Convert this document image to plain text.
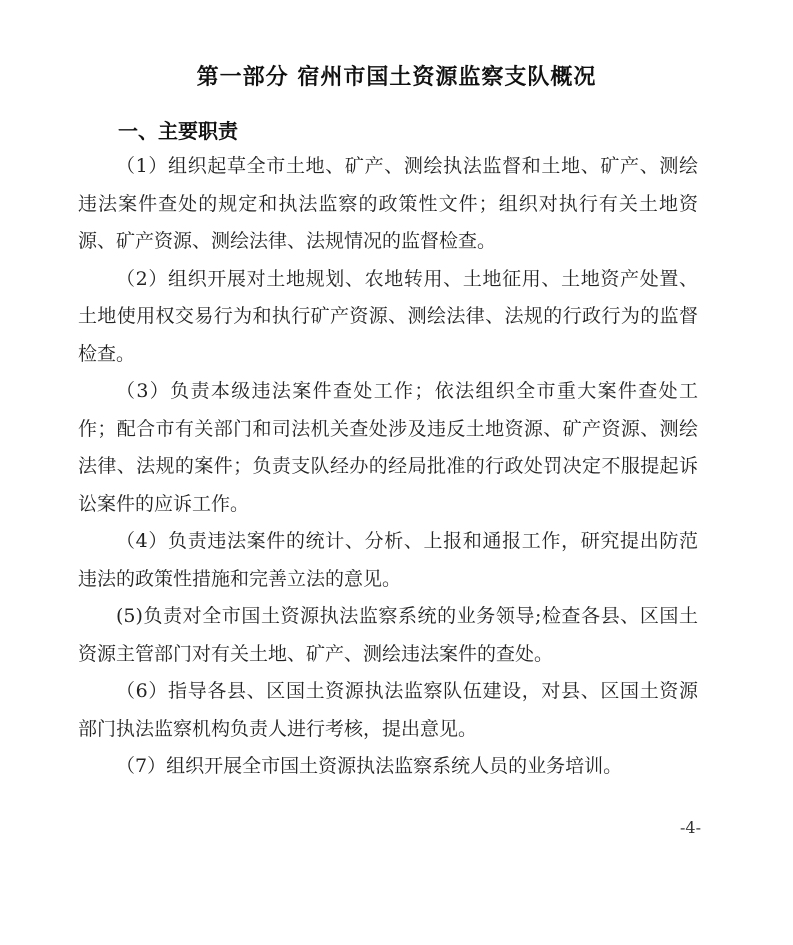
第一部分 宿州市国土资源监察支队概况
一、主要职责

（1）组织起草全市土地、矿产、测绘执法监督和土地、矿产、测绘违法案件查处的规定和执法监察的政策性文件；组织对执行有关土地资源、矿产资源、测绘法律、法规情况的监督检查。

（2）组织开展对土地规划、农地转用、土地征用、土地资产处置、土地使用权交易行为和执行矿产资源、测绘法律、法规的行政行为的监督检查。

（3）负责本级违法案件查处工作；依法组织全市重大案件查处工作；配合市有关部门和司法机关查处涉及违反土地资源、矿产资源、测绘法律、法规的案件；负责支队经办的经局批准的行政处罚决定不服提起诉讼案件的应诉工作。

（4）负责违法案件的统计、分析、上报和通报工作，研究提出防范违法的政策性措施和完善立法的意见。

(5)负责对全市国土资源执法监察系统的业务领导;检查各县、区国土资源主管部门对有关土地、矿产、测绘违法案件的查处。

（6）指导各县、区国土资源执法监察队伍建设，对县、区国土资源部门执法监察机构负责人进行考核，提出意见。

（7）组织开展全市国土资源执法监察系统人员的业务培训。

-4-
